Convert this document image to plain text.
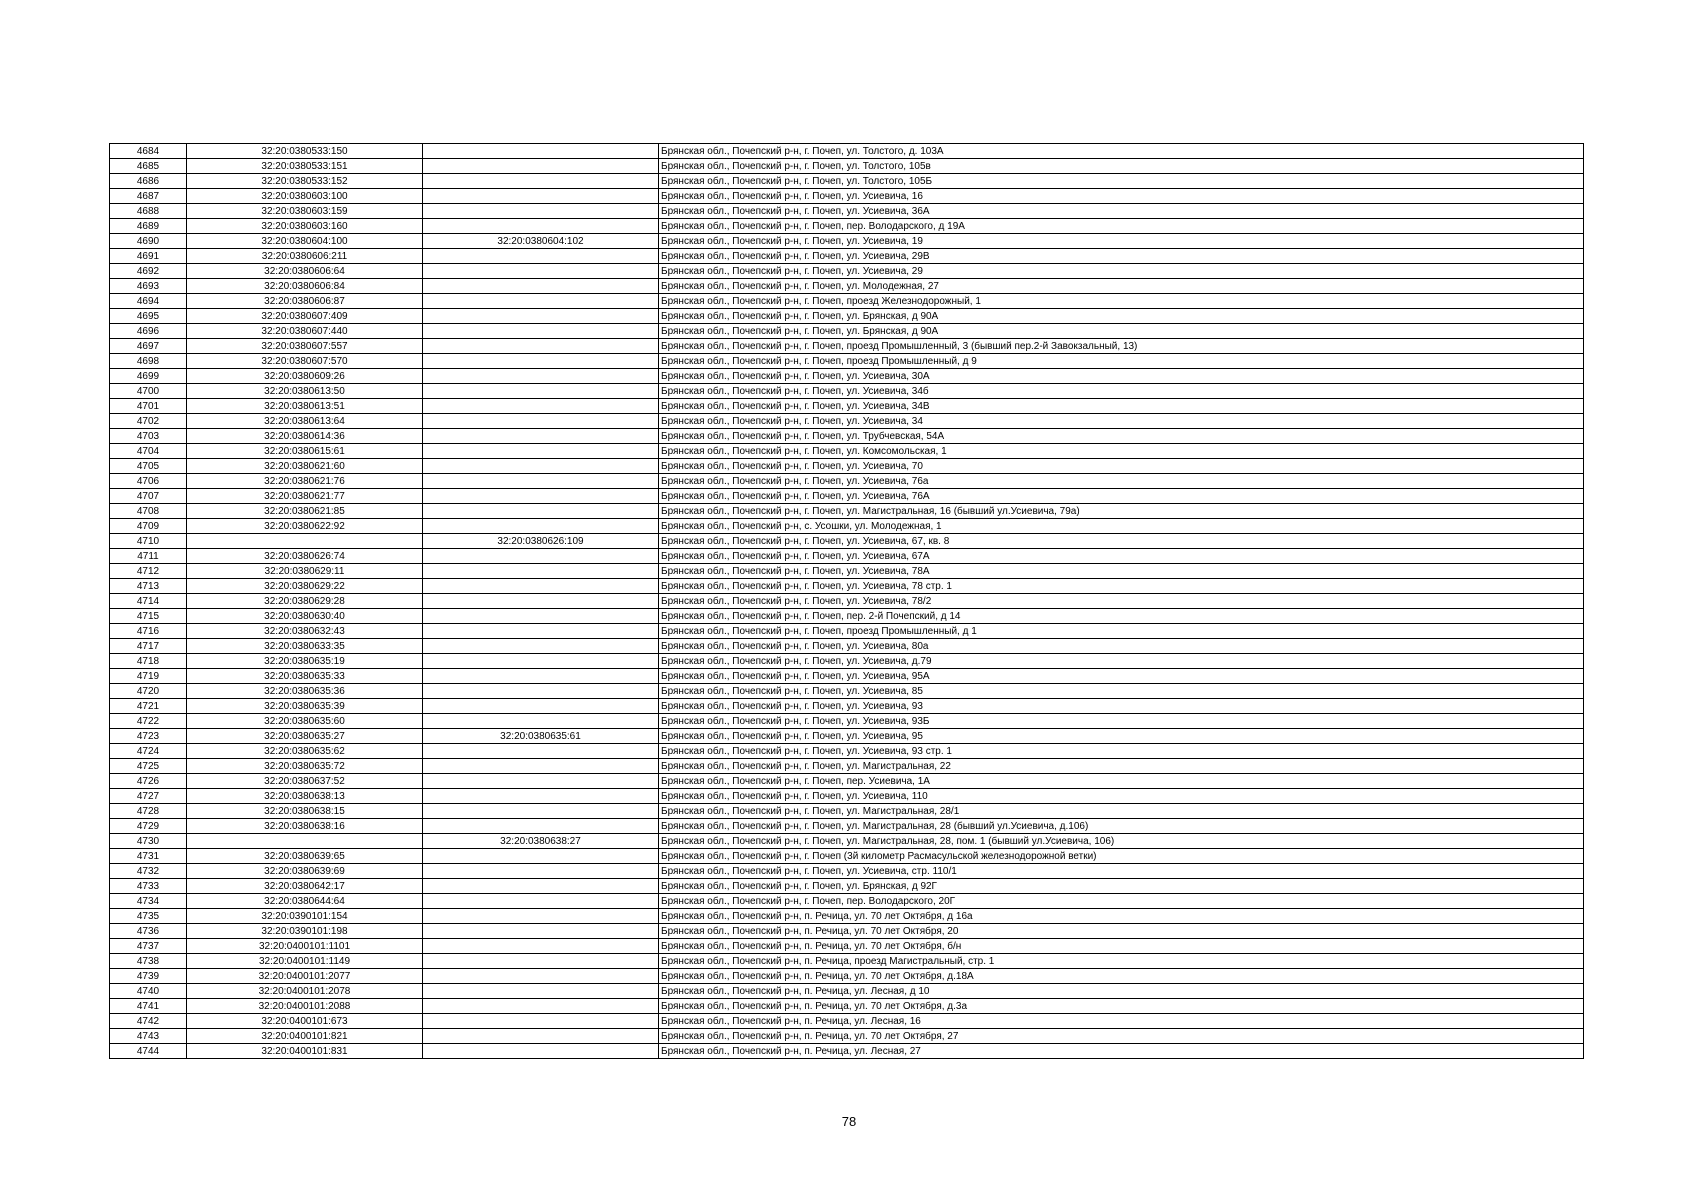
4684	32:20:0380533:150		Брянская обл., Почепский р-н, г. Почеп, ул. Толстого, д. 103А
4685	32:20:0380533:151		Брянская обл., Почепский р-н, г. Почеп, ул. Толстого, 105в
4686	32:20:0380533:152		Брянская обл., Почепский р-н, г. Почеп, ул. Толстого, 105Б
4687	32:20:0380603:100		Брянская обл., Почепский р-н, г. Почеп, ул. Усиевича, 16
4688	32:20:0380603:159		Брянская обл., Почепский р-н, г. Почеп, ул. Усиевича, 36А
4689	32:20:0380603:160		Брянская обл., Почепский р-н, г. Почеп, пер. Володарского, д 19А
4690	32:20:0380604:100	32:20:0380604:102	Брянская обл., Почепский р-н, г. Почеп, ул. Усиевича, 19
4691	32:20:0380606:211		Брянская обл., Почепский р-н, г. Почеп, ул. Усиевича, 29В
4692	32:20:0380606:64		Брянская обл., Почепский р-н, г. Почеп, ул. Усиевича, 29
4693	32:20:0380606:84		Брянская обл., Почепский р-н, г. Почеп, ул. Молодежная, 27
4694	32:20:0380606:87		Брянская обл., Почепский р-н, г. Почеп, проезд Железнодорожный, 1
4695	32:20:0380607:409		Брянская обл., Почепский р-н, г. Почеп, ул. Брянская, д 90А
4696	32:20:0380607:440		Брянская обл., Почепский р-н, г. Почеп, ул. Брянская, д 90А
4697	32:20:0380607:557		Брянская обл., Почепский р-н, г. Почеп, проезд Промышленный, 3 (бывший пер.2-й Завокзальный, 13)
4698	32:20:0380607:570		Брянская обл., Почепский р-н, г. Почеп, проезд Промышленный, д 9
4699	32:20:0380609:26		Брянская обл., Почепский р-н, г. Почеп, ул. Усиевича, 30А
4700	32:20:0380613:50		Брянская обл., Почепский р-н, г. Почеп, ул. Усиевича, 34б
4701	32:20:0380613:51		Брянская обл., Почепский р-н, г. Почеп, ул. Усиевича, 34В
4702	32:20:0380613:64		Брянская обл., Почепский р-н, г. Почеп, ул. Усиевича, 34
4703	32:20:0380614:36		Брянская обл., Почепский р-н, г. Почеп, ул. Трубчевская, 54А
4704	32:20:0380615:61		Брянская обл., Почепский р-н, г. Почеп, ул. Комсомольская, 1
4705	32:20:0380621:60		Брянская обл., Почепский р-н, г. Почеп, ул. Усиевича, 70
4706	32:20:0380621:76		Брянская обл., Почепский р-н, г. Почеп, ул. Усиевича, 76а
4707	32:20:0380621:77		Брянская обл., Почепский р-н, г. Почеп, ул. Усиевича, 76А
4708	32:20:0380621:85		Брянская обл., Почепский р-н, г. Почеп, ул. Магистральная, 16 (бывший ул.Усиевича, 79а)
4709	32:20:0380622:92		Брянская обл., Почепский р-н, с. Усошки, ул. Молодежная, 1
4710		32:20:0380626:109	Брянская обл., Почепский р-н, г. Почеп, ул. Усиевича, 67, кв. 8
4711	32:20:0380626:74		Брянская обл., Почепский р-н, г. Почеп, ул. Усиевича, 67А
4712	32:20:0380629:11		Брянская обл., Почепский р-н, г. Почеп, ул. Усиевича, 78А
4713	32:20:0380629:22		Брянская обл., Почепский р-н, г. Почеп, ул. Усиевича, 78 стр. 1
4714	32:20:0380629:28		Брянская обл., Почепский р-н, г. Почеп, ул. Усиевича, 78/2
4715	32:20:0380630:40		Брянская обл., Почепский р-н, г. Почеп, пер. 2-й Почепский, д 14
4716	32:20:0380632:43		Брянская обл., Почепский р-н, г. Почеп, проезд Промышленный, д 1
4717	32:20:0380633:35		Брянская обл., Почепский р-н, г. Почеп, ул. Усиевича, 80а
4718	32:20:0380635:19		Брянская обл., Почепский р-н, г. Почеп, ул. Усиевича, д.79
4719	32:20:0380635:33		Брянская обл., Почепский р-н, г. Почеп, ул. Усиевича, 95А
4720	32:20:0380635:36		Брянская обл., Почепский р-н, г. Почеп, ул. Усиевича, 85
4721	32:20:0380635:39		Брянская обл., Почепский р-н, г. Почеп, ул. Усиевича, 93
4722	32:20:0380635:60		Брянская обл., Почепский р-н, г. Почеп, ул. Усиевича, 93Б
4723	32:20:0380635:27	32:20:0380635:61	Брянская обл., Почепский р-н, г. Почеп, ул. Усиевича, 95
4724	32:20:0380635:62		Брянская обл., Почепский р-н, г. Почеп, ул. Усиевича, 93 стр. 1
4725	32:20:0380635:72		Брянская обл., Почепский р-н, г. Почеп, ул. Магистральная, 22
4726	32:20:0380637:52		Брянская обл., Почепский р-н, г. Почеп, пер. Усиевича, 1А
4727	32:20:0380638:13		Брянская обл., Почепский р-н, г. Почеп, ул. Усиевича, 110
4728	32:20:0380638:15		Брянская обл., Почепский р-н, г. Почеп, ул. Магистральная, 28/1
4729	32:20:0380638:16		Брянская обл., Почепский р-н, г. Почеп, ул. Магистральная, 28 (бывший ул.Усиевича, д.106)
4730		32:20:0380638:27	Брянская обл., Почепский р-н, г. Почеп, ул. Магистральная, 28, пом. 1 (бывший ул.Усиевича, 106)
4731	32:20:0380639:65		Брянская обл., Почепский р-н, г. Почеп (3й километр Расмасульской железнодорожной ветки)
4732	32:20:0380639:69		Брянская обл., Почепский р-н, г. Почеп, ул. Усиевича, стр. 110/1
4733	32:20:0380642:17		Брянская обл., Почепский р-н, г. Почеп, ул. Брянская, д 92Г
4734	32:20:0380644:64		Брянская обл., Почепский р-н, г. Почеп, пер. Володарского, 20Г
4735	32:20:0390101:154		Брянская обл., Почепский р-н, п. Речица, ул. 70 лет Октября, д 16а
4736	32:20:0390101:198		Брянская обл., Почепский р-н, п. Речица, ул. 70 лет Октября, 20
4737	32:20:0400101:1101		Брянская обл., Почепский р-н, п. Речица, ул. 70 лет Октября, б/н
4738	32:20:0400101:1149		Брянская обл., Почепский р-н, п. Речица, проезд Магистральный, стр. 1
4739	32:20:0400101:2077		Брянская обл., Почепский р-н, п. Речица, ул. 70 лет Октября, д.18А
4740	32:20:0400101:2078		Брянская обл., Почепский р-н, п. Речица, ул. Лесная, д 10
4741	32:20:0400101:2088		Брянская обл., Почепский р-н, п. Речица, ул. 70 лет Октября, д.3а
4742	32:20:0400101:673		Брянская обл., Почепский р-н, п. Речица, ул. Лесная, 16
4743	32:20:0400101:821		Брянская обл., Почепский р-н, п. Речица, ул. 70 лет Октября, 27
4744	32:20:0400101:831		Брянская обл., Почепский р-н, п. Речица, ул. Лесная, 27
78
